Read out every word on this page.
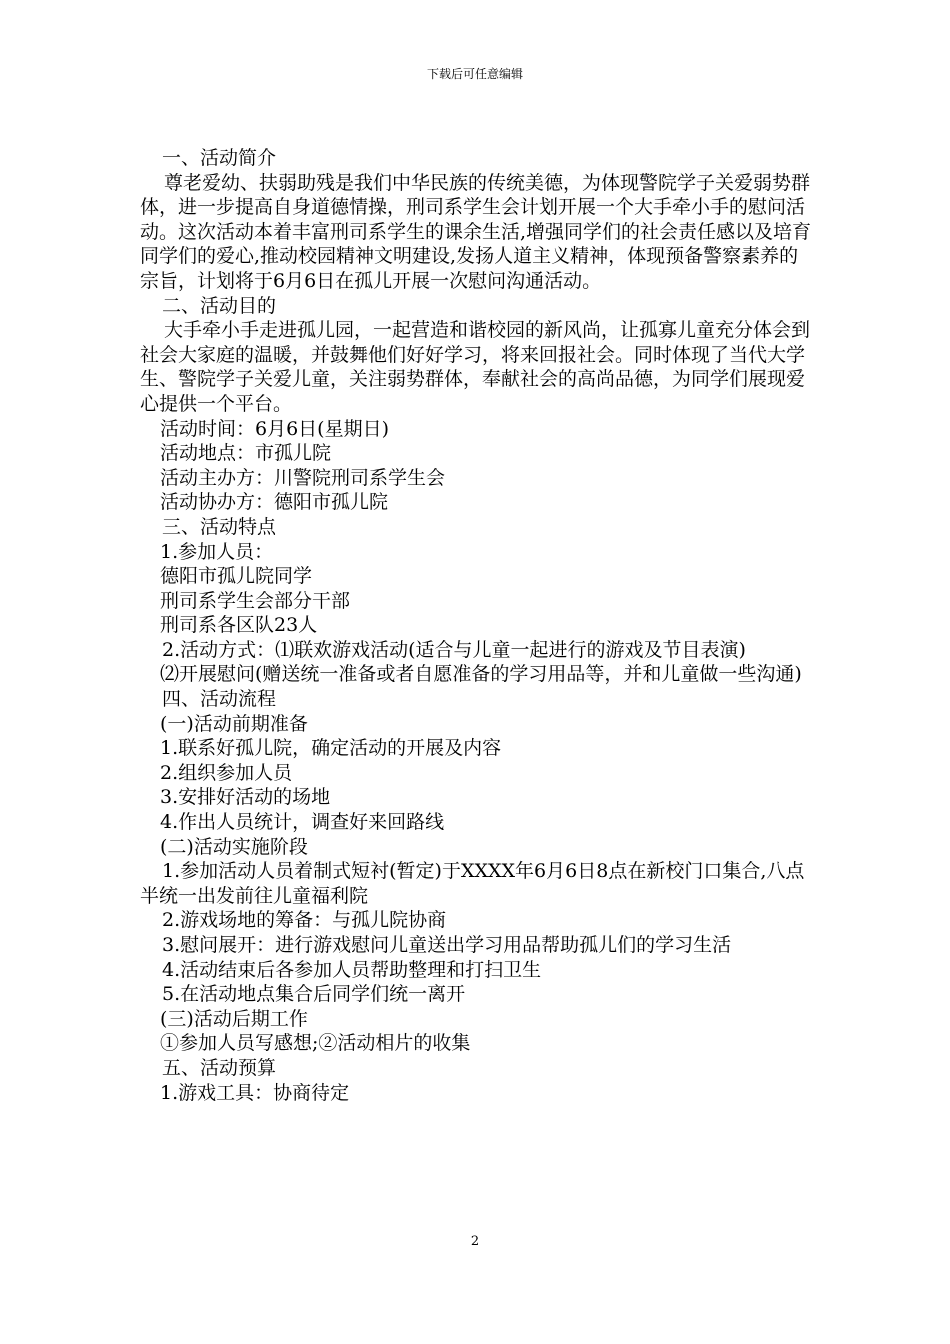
下载后可任意编辑

一、活动简介

尊老爱幼、扶弱助残是我们中华民族的传统美德，为体现警院学子关爱弱势群体，进一步提高自身道德情操，刑司系学生会计划开展一个大手牵小手的慰问活动。这次活动本着丰富刑司系学生的课余生活,增强同学们的社会责任感以及培育同学们的爱心,推动校园精神文明建设,发扬人道主义精神，体现预备警察素养的宗旨，计划将于6月6日在孤儿开展一次慰问沟通活动。

二、活动目的

大手牵小手走进孤儿园，一起营造和谐校园的新风尚，让孤寡儿童充分体会到社会大家庭的温暖，并鼓舞他们好好学习，将来回报社会。同时体现了当代大学生、警院学子关爱儿童，关注弱势群体，奉献社会的高尚品德，为同学们展现爱心提供一个平台。

活动时间：6月6日(星期日)

活动地点：市孤儿院

活动主办方：川警院刑司系学生会

活动协办方：德阳市孤儿院

三、活动特点

1.参加人员：

德阳市孤儿院同学

刑司系学生会部分干部

刑司系各区队23人

2.活动方式：⑴联欢游戏活动(适合与儿童一起进行的游戏及节目表演)

⑵开展慰问(赠送统一准备或者自愿准备的学习用品等，并和儿童做一些沟通)

四、活动流程

(一)活动前期准备

1.联系好孤儿院，确定活动的开展及内容

2.组织参加人员

3.安排好活动的场地

4.作出人员统计，调查好来回路线

(二)活动实施阶段

1.参加活动人员着制式短衬(暂定)于XXXX年6月6日8点在新校门口集合,八点半统一出发前往儿童福利院

2.游戏场地的筹备：与孤儿院协商

3.慰问展开：进行游戏慰问儿童送出学习用品帮助孤儿们的学习生活

4.活动结束后各参加人员帮助整理和打扫卫生

5.在活动地点集合后同学们统一离开

(三)活动后期工作

①参加人员写感想;②活动相片的收集

五、活动预算

1.游戏工具：协商待定

2
